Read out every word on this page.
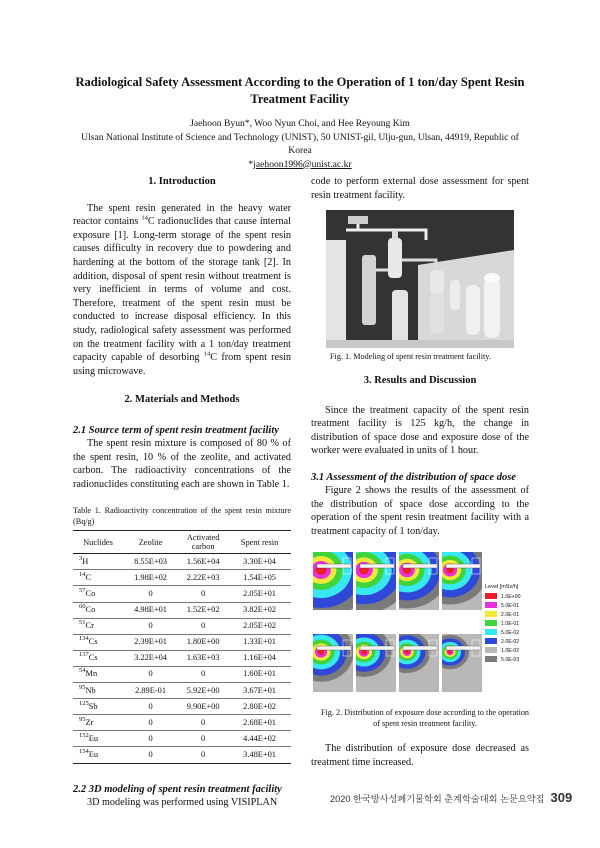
Radiological Safety Assessment According to the Operation of 1 ton/day Spent Resin Treatment Facility
Jaehoon Byun*, Woo Nyun Choi, and Hee Reyoung Kim
Ulsan National Institute of Science and Technology (UNIST), 50 UNIST-gil, Ulju-gun, Ulsan, 44919, Republic of Korea
*jaehoon1996@unist.ac.kr
1. Introduction
The spent resin generated in the heavy water reactor contains $^{14}$C radionuclides that cause internal exposure [1]. Long-term storage of the spent resin causes difficulty in recovery due to powdering and hardening at the bottom of the storage tank [2]. In addition, disposal of spent resin without treatment is very inefficient in terms of volume and cost. Therefore, treatment of the spent resin must be conducted to increase disposal efficiency. In this study, radiological safety assessment was performed on the treatment facility with a 1 ton/day treatment capacity capable of desorbing $^{14}$C from spent resin using microwave.
2. Materials and Methods
2.1 Source term of spent resin treatment facility
The spent resin mixture is composed of 80 % of the spent resin, 10 % of the zeolite, and activated carbon. The radioactivity concentrations of the radionuclides constituting each are shown in Table 1.
Table 1. Radioactivity concentration of the spent resin mixture (Bq/g)
Nuclides	Zeolite	Activated carbon	Spent resin
$^3$H	8.55E+03	1.56E+04	3.30E+04
$^{14}$C	1.98E+02	2.22E+03	1.54E+05
$^{57}$Co	0	0	2.05E+01
$^{60}$Co	4.98E+01	1.52E+02	3.82E+02
$^{51}$Cr	0	0	2.05E+02
$^{134}$Cs	2.39E+01	1.80E+00	1.33E+01
$^{137}$Cs	3.22E+04	1.63E+03	1.16E+04
$^{54}$Mn	0	0	1.60E+01
$^{95}$Nb	2.89E-01	5.92E+00	3.67E+01
$^{125}$Sb	0	9.90E+00	2.80E+02
$^{95}$Zr	0	0	2.68E+01
$^{152}$Eu	0	0	4.44E+02
$^{154}$Eu	0	0	3.48E+01
2.2 3D modeling of spent resin treatment facility
3D modeling was performed using VISIPLAN
code to perform external dose assessment for spent resin treatment facility.
Fig. 1. Modeling of spent resin treatment facility.
3. Results and Discussion
Since the treatment capacity of the spent resin treatment facility is 125 kg/h, the change in distribution of space dose and exposure dose of the worker were evaluated in units of 1 hour.
3.1 Assessment of the distribution of space dose
Figure 2 shows the results of the assessment of the distribution of space dose according to the operation of the spent resin treatment facility with a treatment capacity of 1 ton/day.
Level [mSv/h]
1.0E+00
5.0E-01
2.0E-01
1.0E-01
5.0E-02
2.0E-02
1.0E-02
5.0E-03
Fig. 2. Distribution of exposure dose according to the operation of spent resin treatment facility.
The distribution of exposure dose decreased as treatment time increased.
2020 한국방사성폐기물학회 춘계학술대회 논문요약집 309
